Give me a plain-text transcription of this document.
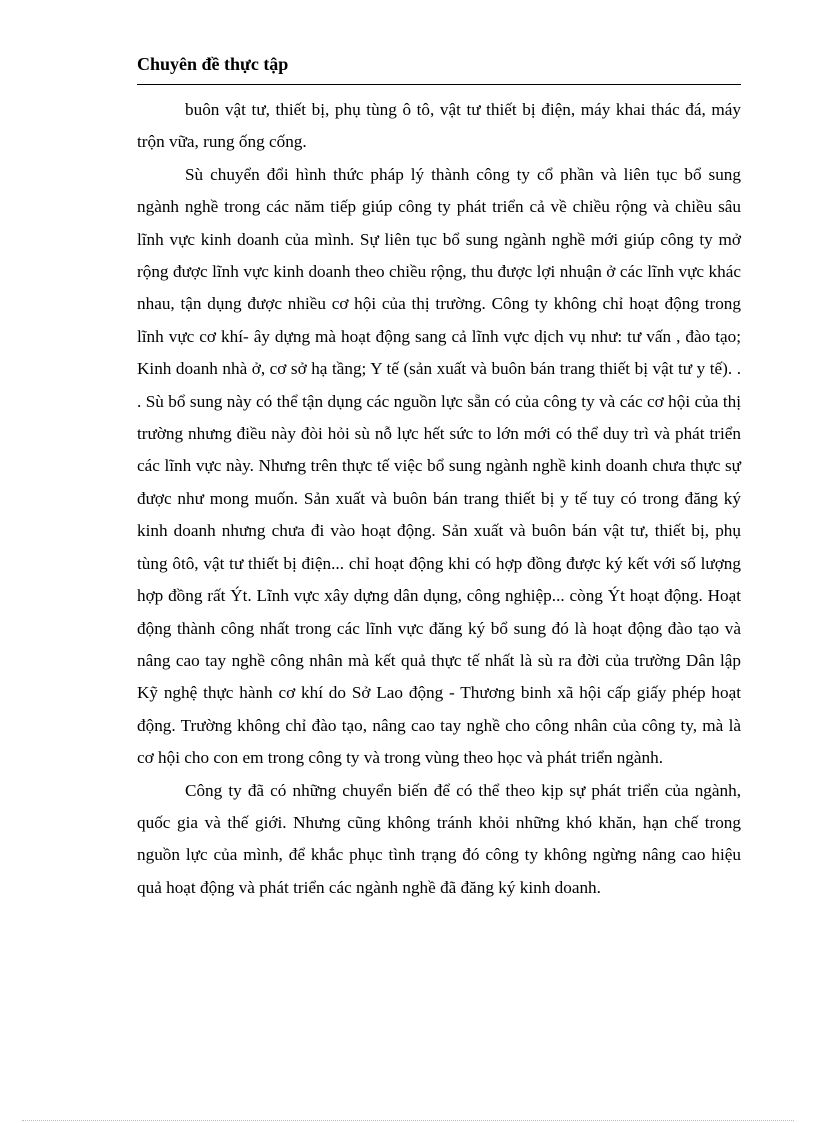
Chuyên đề thực tập

buôn vật tư, thiết bị, phụ tùng ô tô, vật tư thiết bị điện, máy khai thác đá, máy trộn vữa, rung ống cống.

Sù chuyển đổi hình thức pháp lý thành công ty cổ phần và liên tục bổ sung ngành nghề trong các năm tiếp giúp công ty phát triển cả về chiều rộng và chiều sâu lĩnh vực kinh doanh của mình. Sự liên tục bổ sung ngành nghề mới giúp công ty mở rộng được lĩnh vực kinh doanh theo chiều rộng, thu được lợi nhuận ở các lĩnh vực khác nhau, tận dụng được nhiều cơ hội của thị trường. Công ty không chỉ hoạt động trong lĩnh vực cơ khí- ây dựng mà hoạt động sang cả lĩnh vực dịch vụ như: tư vấn , đào tạo; Kinh doanh nhà ở, cơ sở hạ tầng; Y tế (sản xuất và buôn bán trang thiết bị vật tư y tế). . . Sù bổ sung này có thể tận dụng các nguồn lực sẵn có của công ty và các cơ hội của thị trường nhưng điều này đòi hỏi sù nỗ lực hết sức to lớn mới có thể duy trì và phát triển các lĩnh vực này. Nhưng trên thực tế việc bổ sung ngành nghề kinh doanh chưa thực sự được như mong muốn. Sản xuất và buôn bán trang thiết bị y tế tuy có trong đăng ký kinh doanh nhưng chưa đi vào hoạt động. Sản xuất và buôn bán vật tư, thiết bị, phụ tùng ôtô, vật tư thiết bị điện... chỉ hoạt động khi có hợp đồng được ký kết với số lượng hợp đồng rất Ýt. Lĩnh vực xây dựng dân dụng, công nghiệp... còng Ýt hoạt động. Hoạt động thành công nhất trong các lĩnh vực đăng ký bổ sung đó là hoạt động đào tạo và nâng cao tay nghề công nhân mà kết quả thực tế nhất là sù ra đời của trường Dân lập Kỹ nghệ thực hành cơ khí do Sở Lao động - Thương binh xã hội cấp giấy phép hoạt động. Trường không chỉ đào tạo, nâng cao tay nghề cho công nhân của công ty, mà là cơ hội cho con em trong công ty và trong vùng theo học và phát triển ngành.

Công ty đã có những chuyển biến để có thể theo kịp sự phát triển của ngành, quốc gia và thế giới. Nhưng cũng không tránh khỏi những khó khăn, hạn chế trong nguồn lực của mình, để khắc phục tình trạng đó công ty không ngừng nâng cao hiệu quả hoạt động và phát triển các ngành nghề đã đăng ký kinh doanh.
